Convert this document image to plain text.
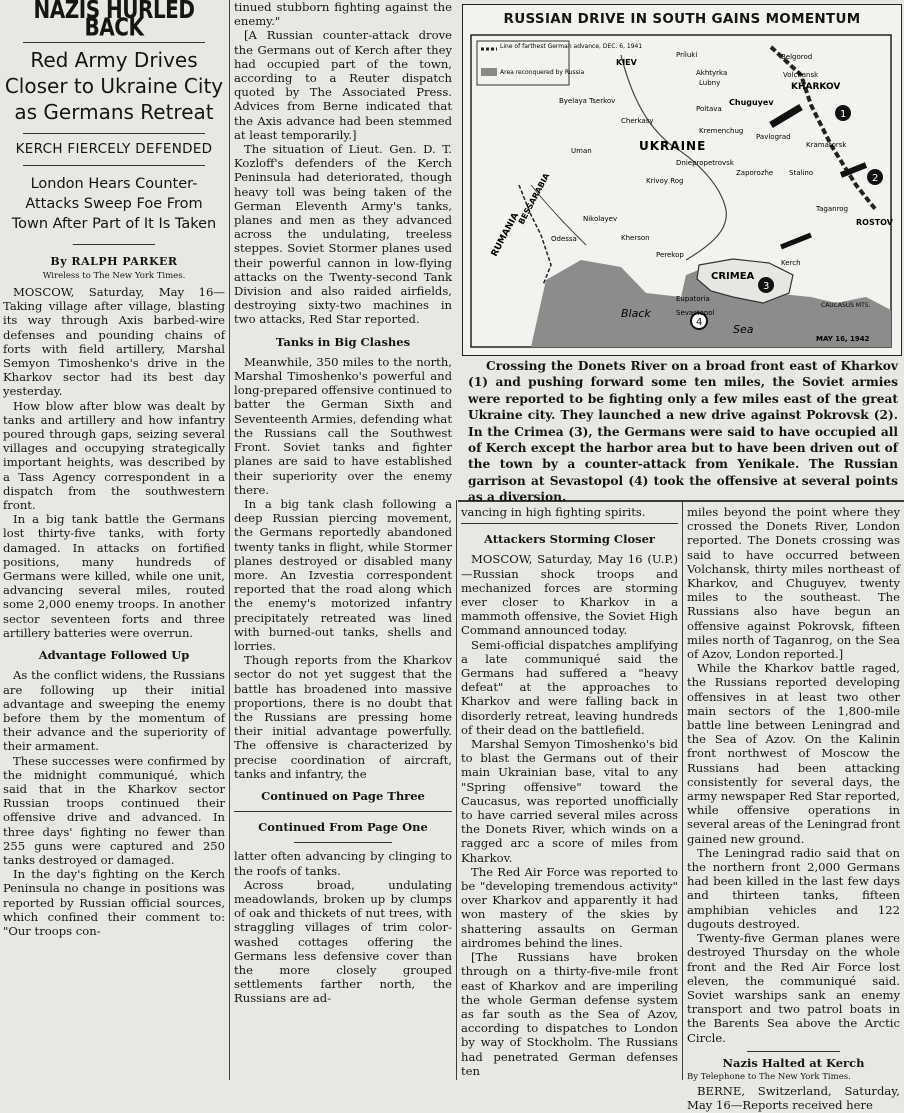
NAZIS HURLED BACK
Red Army Drives Closer to Ukraine City as Germans Retreat
KERCH FIERCELY DEFENDED
London Hears Counter-Attacks Sweep Foe From Town After Part of It Is Taken
By RALPH PARKER
Wireless to The New York Times.

MOSCOW, Saturday, May 16—Taking village after village, blasting its way through Axis barbed-wire defenses and pounding chains of forts with field artillery, Marshal Semyon Timoshenko's drive in the Kharkov sector had its best day yesterday.

How blow after blow was dealt by tanks and artillery and how infantry poured through gaps, seizing several villages and occupying strategically important heights, was described by a Tass Agency correspondent in a dispatch from the southwestern front.

In a big tank battle the Germans lost thirty-five tanks, with forty damaged. In attacks on fortified positions, many hundreds of Germans were killed, while one unit, advancing several miles, routed some 2,000 enemy troops. In another sector seventeen forts and three artillery batteries were overrun.

Advantage Followed Up

As the conflict widens, the Russians are following up their initial advantage and sweeping the enemy before them by the momentum of their advance and the superiority of their armament.

These successes were confirmed by the midnight communiqué, which said that in the Kharkov sector Russian troops continued their offensive drive and advanced. In three days' fighting no fewer than 255 guns were captured and 250 tanks destroyed or damaged.

In the day's fighting on the Kerch Peninsula no change in positions was reported by Russian official sources, which confined their comment to: "Our troops con-

tinued stubborn fighting against the enemy."

[A Russian counter-attack drove the Germans out of Kerch after they had occupied part of the town, according to a Reuter dispatch quoted by The Associated Press. Advices from Berne indicated that the Axis advance had been stemmed at least temporarily.]

The situation of Lieut. Gen. D. T. Kozloff's defenders of the Kerch Peninsula had deteriorated, though heavy toll was being taken of the German Eleventh Army's tanks, planes and men as they advanced across the undulating, treeless steppes. Soviet Stormer planes used their powerful cannon in low-flying attacks on the Twenty-second Tank Division and also raided airfields, destroying sixty-two machines in two attacks, Red Star reported.

Tanks in Big Clashes

Meanwhile, 350 miles to the north, Marshal Timoshenko's powerful and long-prepared offensive continued to batter the German Sixth and Seventeenth Armies, defending what the Russians call the Southwest Front. Soviet tanks and fighter planes are said to have established their superiority over the enemy there.

In a big tank clash following a deep Russian piercing movement, the Germans reportedly abandoned twenty tanks in flight, while Stormer planes destroyed or disabled many more. An Izvestia correspondent reported that the road along which the enemy's motorized infantry precipitately retreated was lined with burned-out tanks, shells and lorries.

Though reports from the Kharkov sector do not yet suggest that the battle has broadened into massive proportions, there is no doubt that the Russians are pressing home their initial advantage powerfully. The offensive is characterized by precise coordination of aircraft, tanks and infantry, the

Continued on Page Three
Continued From Page One

latter often advancing by clinging to the roofs of tanks.

Across broad, undulating meadowlands, broken up by clumps of oak and thickets of nut trees, with straggling villages of trim color-washed cottages offering the Germans less defensive cover than the more closely grouped settlements farther north, the Russians are ad-

RUSSIAN DRIVE IN SOUTH GAINS MOMENTUM
Line of farthest German advance, DEC. 6, 1941
Area reconquered by Russia
1
2
3
4
KIEV
Priluki
Akhtyrka
Lubny
Belgorod
Volchansk
KHARKOV
Chuguyev
Byelaya Tserkov
Cherkasy
Poltava
Kremenchug
UKRAINE
Uman
Pavlograd
Kramatorsk
Dniepropetrovsk
Zaporozhe
Krivoy Rog
Stalino
BESSARABIA
RUMANIA	Nikolayev
Odessa	Kherson
Perekop
Taganrog
ROSTOV
CRIMEA
Kerch
Eupatoria
Sevastopol
Black
Sea
CAUCASUS MTS.
MAY 16, 1942

Crossing the Donets River on a broad front east of Kharkov (1) and pushing forward some ten miles, the Soviet armies were reported to be fighting only a few miles east of the great Ukraine city. They launched a new drive against Pokrovsk (2). In the Crimea (3), the Germans were said to have occupied all of Kerch except the harbor area but to have been driven out of the town by a counter-attack from Yenikale. The Russian garrison at Sevastopol (4) took the offensive at several points as a diversion.

vancing in high fighting spirits.

Attackers Storming Closer

MOSCOW, Saturday, May 16 (U.P.)—Russian shock troops and mechanized forces are storming ever closer to Kharkov in a mammoth offensive, the Soviet High Command announced today.

Semi-official dispatches amplifying a late communiqué said the Germans had suffered a "heavy defeat" at the approaches to Kharkov and were falling back in disorderly retreat, leaving hundreds of their dead on the battlefield.

Marshal Semyon Timoshenko's bid to blast the Germans out of their main Ukrainian base, vital to any "Spring offensive" toward the Caucasus, was reported unofficially to have carried several miles across the Donets River, which winds on a ragged arc a score of miles from Kharkov.

The Red Air Force was reported to be "developing tremendous activity" over Kharkov and apparently it had won mastery of the skies by shattering assaults on German airdromes behind the lines.

[The Russians have broken through on a thirty-five-mile front east of Kharkov and are imperiling the whole German defense system as far south as the Sea of Azov, according to dispatches to London by way of Stockholm. The Russians had penetrated German defenses ten

miles beyond the point where they crossed the Donets River, London reported. The Donets crossing was said to have occurred between Volchansk, thirty miles northeast of Kharkov, and Chuguyev, twenty miles to the southeast. The Russians also have begun an offensive against Pokrovsk, fifteen miles north of Taganrog, on the Sea of Azov, London reported.]

While the Kharkov battle raged, the Russians reported developing offensives in at least two other main sectors of the 1,800-mile battle line between Leningrad and the Sea of Azov. On the Kalinin front northwest of Moscow the Russians had been attacking consistently for several days, the army newspaper Red Star reported, while offensive operations in several areas of the Leningrad front gained new ground.

The Leningrad radio said that on the northern front 2,000 Germans had been killed in the last few days and thirteen tanks, fifteen amphibian vehicles and 122 dugouts destroyed.

Twenty-five German planes were destroyed Thursday on the whole front and the Red Air Force lost eleven, the communiqué said. Soviet warships sank an enemy transport and two patrol boats in the Barents Sea above the Arctic Circle.

Nazis Halted at Kerch
By Telephone to The New York Times.

BERNE, Switzerland, Saturday, May 16—Reports received here
